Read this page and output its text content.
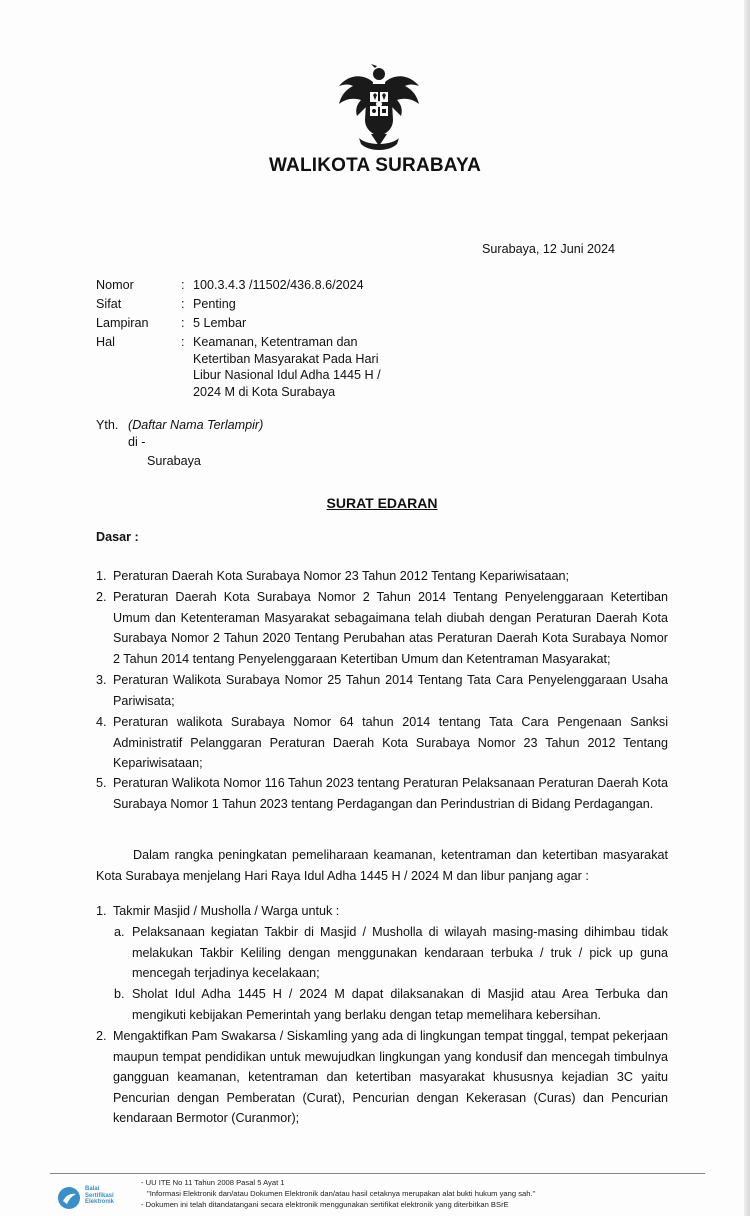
WALIKOTA SURABAYA
Surabaya, 12 Juni 2024
Nomor	: 100.3.4.3 /11502/436.8.6/2024
Sifat	: Penting
Lampiran	: 5 Lembar
Hal	: Keamanan, Ketentraman dan Ketertiban Masyarakat Pada Hari Libur Nasional Idul Adha 1445 H / 2024 M di Kota Surabaya
Yth. (Daftar Nama Terlampir)
di -
Surabaya
SURAT EDARAN
Dasar :
1. Peraturan Daerah Kota Surabaya Nomor 23 Tahun 2012 Tentang Kepariwisataan;
2. Peraturan Daerah Kota Surabaya Nomor 2 Tahun 2014 Tentang Penyelenggaraan Ketertiban Umum dan Ketenteraman Masyarakat sebagaimana telah diubah dengan Peraturan Daerah Kota Surabaya Nomor 2 Tahun 2020 Tentang Perubahan atas Peraturan Daerah Kota Surabaya Nomor 2 Tahun 2014 tentang Penyelenggaraan Ketertiban Umum dan Ketentraman Masyarakat;
3. Peraturan Walikota Surabaya Nomor 25 Tahun 2014 Tentang Tata Cara Penyelenggaraan Usaha Pariwisata;
4. Peraturan walikota Surabaya Nomor 64 tahun 2014 tentang Tata Cara Pengenaan Sanksi Administratif Pelanggaran Peraturan Daerah Kota Surabaya Nomor 23 Tahun 2012 Tentang Kepariwisataan;
5. Peraturan Walikota Nomor 116 Tahun 2023 tentang Peraturan Pelaksanaan Peraturan Daerah Kota Surabaya Nomor 1 Tahun 2023 tentang Perdagangan dan Perindustrian di Bidang Perdagangan.
Dalam rangka peningkatan pemeliharaan keamanan, ketentraman dan ketertiban masyarakat Kota Surabaya menjelang Hari Raya Idul Adha 1445 H / 2024 M dan libur panjang agar :
1. Takmir Masjid / Musholla / Warga untuk :
a. Pelaksanaan kegiatan Takbir di Masjid / Musholla di wilayah masing-masing dihimbau tidak melakukan Takbir Keliling dengan menggunakan kendaraan terbuka / truk / pick up guna mencegah terjadinya kecelakaan;
b. Sholat Idul Adha 1445 H / 2024 M dapat dilaksanakan di Masjid atau Area Terbuka dan mengikuti kebijakan Pemerintah yang berlaku dengan tetap memelihara kebersihan.
2. Mengaktifkan Pam Swakarsa / Siskamling yang ada di lingkungan tempat tinggal, tempat pekerjaan maupun tempat pendidikan untuk mewujudkan lingkungan yang kondusif dan mencegah timbulnya gangguan keamanan, ketentraman dan ketertiban masyarakat khususnya kejadian 3C yaitu Pencurian dengan Pemberatan (Curat), Pencurian dengan Kekerasan (Curas) dan Pencurian kendaraan Bermotor (Curanmor);
Balai
Sertifikasi
Elektronik
- UU ITE No 11 Tahun 2008 Pasal 5 Ayat 1
"Informasi Elektronik dan/atau Dokumen Elektronik dan/atau hasil cetaknya merupakan alat bukti hukum yang sah."
- Dokumen ini telah ditandatangani secara elektronik menggunakan sertifikat elektronik yang diterbitkan BSrE
